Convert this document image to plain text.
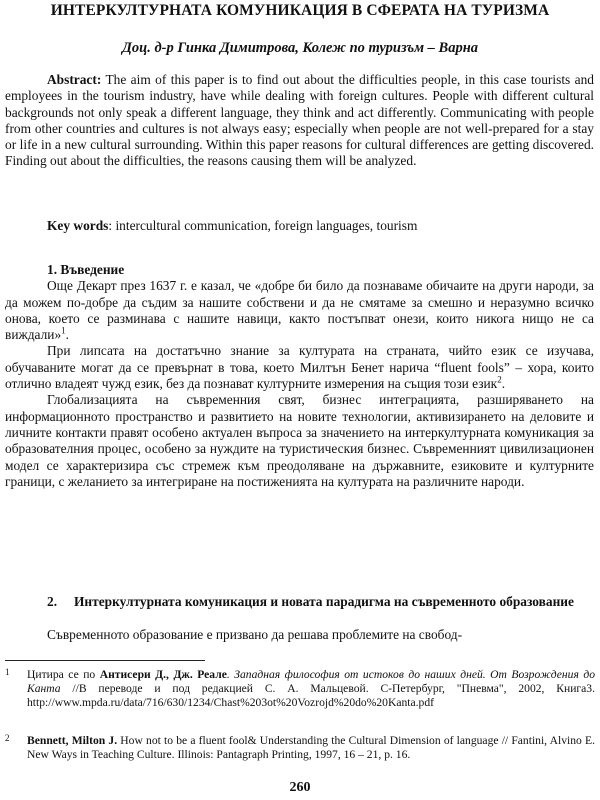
ИНТЕРКУЛТУРНАТА КОМУНИКАЦИЯ В СФЕРАТА НА ТУРИЗМА
Доц. д-р Гинка Димитрова, Колеж по туризъм – Варна

Abstract: The aim of this paper is to find out about the difficulties people, in this case tourists and employees in the tourism industry, have while dealing with foreign cultures. People with different cultural backgrounds not only speak a different language, they think and act differently. Communicating with people from other countries and cultures is not always easy; especially when people are not well-prepared for a stay or life in a new cultural surrounding. Within this paper reasons for cultural differences are getting discovered. Finding out about the difficulties, the reasons causing them will be analyzed.

Key words: intercultural communication, foreign languages, tourism

1. Въведение

Още Декарт през 1637 г. е казал, че «добре би било да познаваме обичаите на други народи, за да можем по-добре да съдим за нашите собствени и да не смятаме за смешно и неразумно всичко онова, което се разминава с нашите навици, както постъпват онези, които никога нищо не са виждали»$^1$.

При липсата на достатъчно знание за културата на страната, чийто език се изучава, обучаваните могат да се превърнат в това, което Милтън Бенет нарича “fluent fools” – хора, които отлично владеят чужд език, без да познават културните измерения на същия този език$^2$.

Глобализацията на съвременния свят, бизнес интеграцията, разширяването на информационното пространство и развитието на новите технологии, активизирането на деловите и личните контакти правят особено актуален въпроса за значението на интеркултурната комуникация за образователния процес, особено за нуждите на туристическия бизнес. Съвременният цивилизационен модел се характеризира със стремеж към преодоляване на държавните, езиковите и културните граници, с желанието за интегриране на постиженията на културата на различните народи.

2.	Интеркултурната комуникация и новата парадигма на съвременното образование

Съвременното образование е призвано да решава проблемите на свобод-

1	Цитира се по Антисери Д., Дж. Реале. Западная философия от истоков до наших дней. От Возрождения до Канта //В переводе и под редакцией С. А. Мальцевой. С-Петербург, "Пневма", 2002, Книга3. http://www.mpda.ru/data/716/630/1234/Chast%203ot%20Vozrojd%20do%20Kanta.pdf
2	Bennett, Milton J. How not to be a fluent fool& Understanding the Cultural Dimension of language // Fantini, Alvino E. New Ways in Teaching Culture. Illinois: Pantagraph Printing, 1997, 16 – 21, p. 16.
260
